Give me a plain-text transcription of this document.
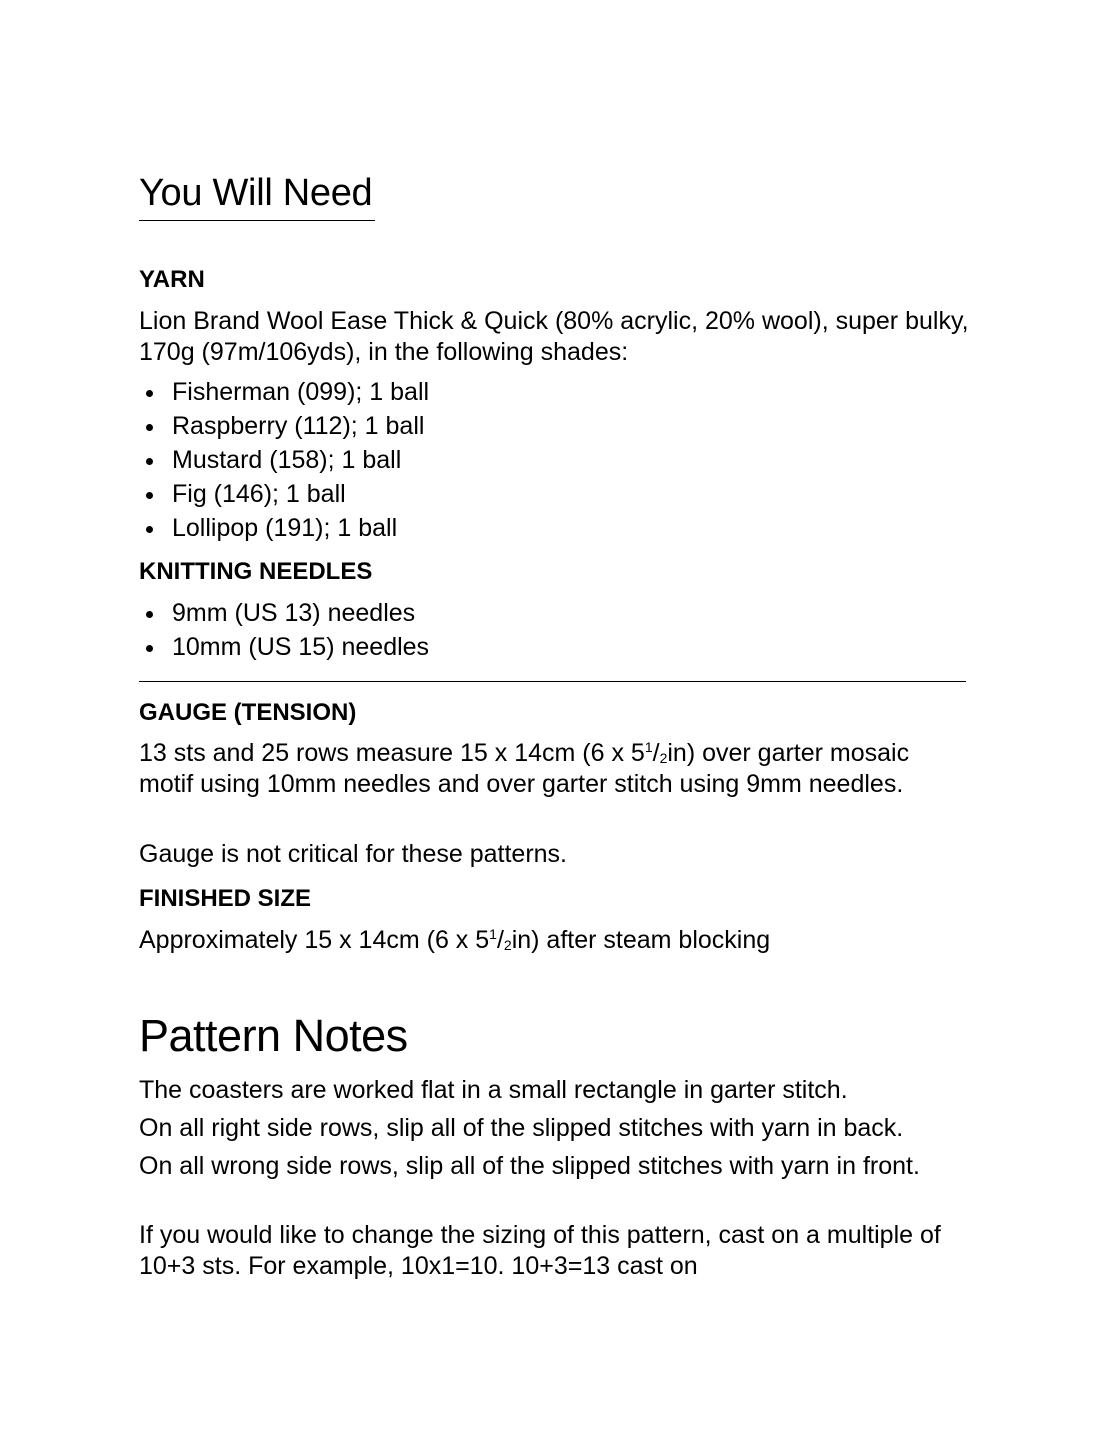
You Will Need
YARN

Lion Brand Wool Ease Thick & Quick (80% acrylic, 20% wool), super bulky, 170g (97m/106yds), in the following shades:

Fisherman (099); 1 ball
Raspberry (112); 1 ball
Mustard (158); 1 ball
Fig (146); 1 ball
Lollipop (191); 1 ball
KNITTING NEEDLES
9mm (US 13) needles
10mm (US 15) needles
GAUGE (TENSION)

13 sts and 25 rows measure 15 x 14cm (6 x $5^1/_2in$) over garter mosaic motif using 10mm needles and over garter stitch using 9mm needles.

Gauge is not critical for these patterns.

FINISHED SIZE

Approximately 15 x 14cm (6 x $5^1/_2in$) after steam blocking

Pattern Notes

The coasters are worked flat in a small rectangle in garter stitch.

On all right side rows, slip all of the slipped stitches with yarn in back.

On all wrong side rows, slip all of the slipped stitches with yarn in front.

If you would like to change the sizing of this pattern, cast on a multiple of 10+3 sts. For example, 10x1=10. 10+3=13 cast on
